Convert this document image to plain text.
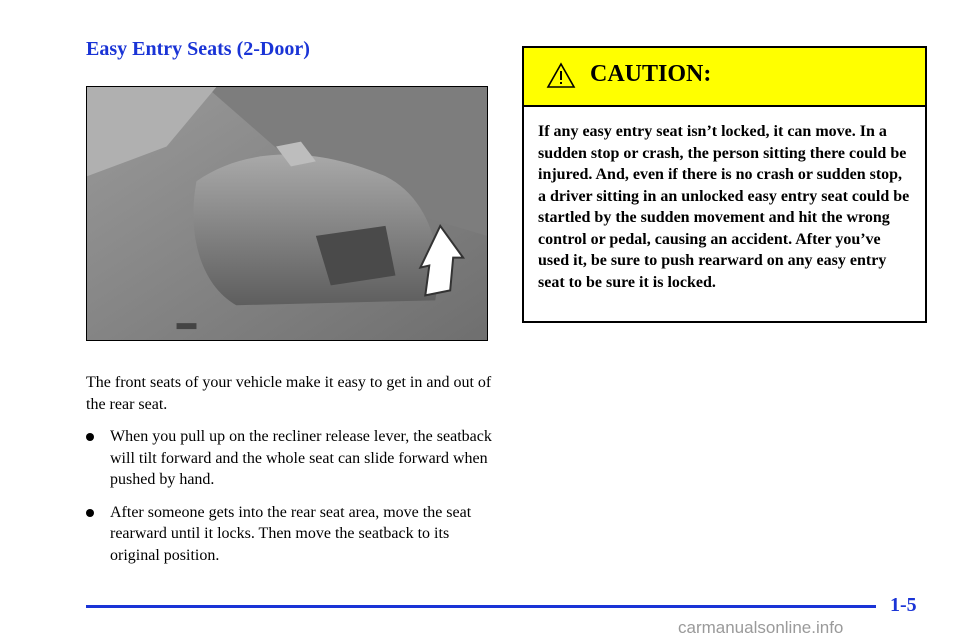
Easy Entry Seats (2-Door)

The front seats of your vehicle make it easy to get in and out of the rear seat.

When you pull up on the recliner release lever, the seatback will tilt forward and the whole seat can slide forward when pushed by hand.
After someone gets into the rear seat area, move the seat rearward until it locks. Then move the seatback to its original position.
CAUTION:
If any easy entry seat isn’t locked, it can move. In a sudden stop or crash, the person sitting there could be injured. And, even if there is no crash or sudden stop, a driver sitting in an unlocked easy entry seat could be startled by the sudden movement and hit the wrong control or pedal, causing an accident. After you’ve used it, be sure to push rearward on any easy entry seat to be sure it is locked.
1-5
carmanualsonline.info
